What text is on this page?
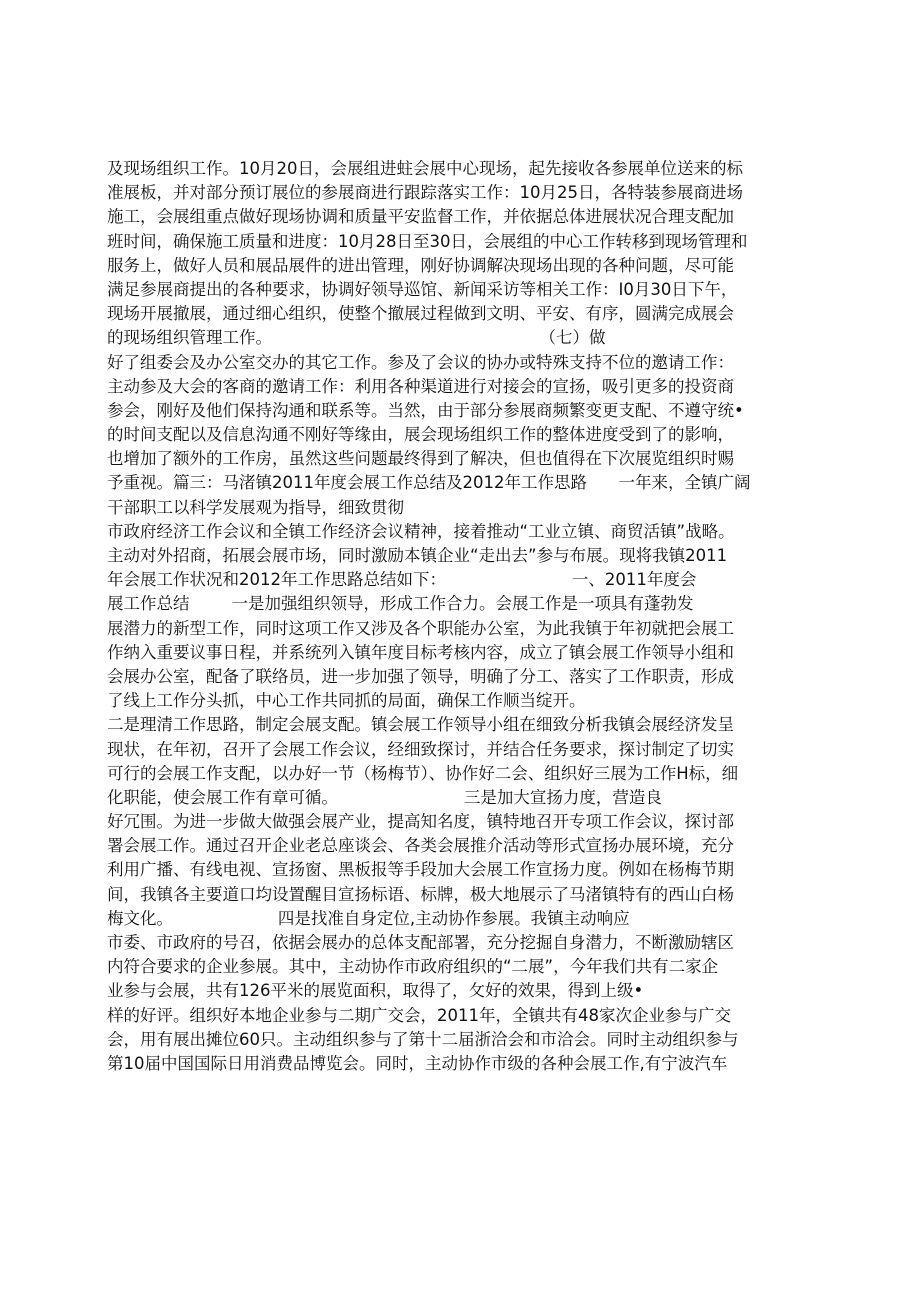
及现场组织工作。10月20日，会展组进蛀会展中心现场，起先接收各参展单位送来的标
准展板，并对部分预订展位的参展商进行跟踪落实工作：10月25日，各特装参展商进场
施工，会展组重点做好现场协调和质量平安监督工作，并依据总体进展状况合理支配加
班时间，确保施工质量和进度：10月28日至30日，会展组的中心工作转移到现场管理和
服务上，做好人员和展品展件的进出管理，刚好协调解决现场出现的各种问题，尽可能
满足参展商提出的各种要求，协调好领导巡馆、新闻采访等相关工作：I0月30日下午，
现场开展撤展，通过细心组织，使整个撤展过程做到文明、平安、有序，圆满完成展会
的现场组织管理工作。                                                   （七）做
好了组委会及办公室交办的其它工作。参及了会议的协办或特殊支持不位的邀请工作：
主动参及大会的客商的邀请工作：利用各种渠道进行对接会的宣扬，吸引更多的投资商
参会，刚好及他们保持沟通和联系等。当然，由于部分参展商频繁变更支配、不遵守统•
的时间支配以及信息沟通不刚好等缘由，展会现场组织工作的整体进度受到了的影响，
也增加了额外的工作房，虽然这些问题最终得到了解决，但也值得在下次展览组织时赐
予重视。篇三：马渚镇2011年度会展工作总结及2012年工作思路      一年来，全镇广阔
干部职工以科学发展观为指导，细致贯彻
市政府经济工作会议和全镇工作经济会议精神，接着推动“工业立镇、商贸活镇”战略。
主动对外招商，拓展会展市场，同时激励本镇企业“走出去”参与布展。现将我镇2011
年会展工作状况和2012年工作思路总结如下：                        一、2011年度会
展工作总结        一是加强组织领导，形成工作合力。会展工作是一项具有蓬勃发
展潜力的新型工作，同时这项工作又涉及各个职能办公室，为此我镇于年初就把会展工
作纳入重要议事日程，并系统列入镇年度目标考核内容，成立了镇会展工作领导小组和
会展办公室，配备了联络员，进一步加强了领导，明确了分工、落实了工作职责，形成
了线上工作分头抓，中心工作共同抓的局面，确保工作顺当绽开。
二是理清工作思路，制定会展支配。镇会展工作领导小组在细致分析我镇会展经济发呈
现状，在年初，召开了会展工作会议，经细致探讨，并结合任务要求，探讨制定了切实
可行的会展工作支配，以办好一节（杨梅节）、协作好二会、组织好三展为工作H标，细
化职能，使会展工作有章可循。                        三是加大宣扬力度，营造良
好冗围。为进一步做大做强会展产业，提高知名度，镇特地召开专项工作会议，探讨部
署会展工作。通过召开企业老总座谈会、各类会展推介活动等形式宣扬办展环境，充分
利用广播、有线电视、宣扬窗、黑板报等手段加大会展工作宣扬力度。例如在杨梅节期
间，我镇各主要道口均设置醒目宣扬标语、标牌，极大地展示了马渚镇特有的西山白杨
梅文化。                    四是找准自身定位,主动协作参展。我镇主动响应
市委、市政府的号召，依据会展办的总体支配部署，充分挖掘自身潜力，不断激励辖区
内符合要求的企业参展。其中，主动协作市政府组织的“二展”，今年我们共有二家企
业参与会展，共有126平米的展览面积，取得了，攵好的效果，得到上级•
样的好评。组织好本地企业参与二期广交会，2011年，全镇共有48家次企业参与广交
会，用有展出摊位60只。主动组织参与了第十二届浙洽会和市洽会。同时主动组织参与
第10届中国国际日用消费品博览会。同时，主动协作市级的各种会展工作,有宁波汽车
